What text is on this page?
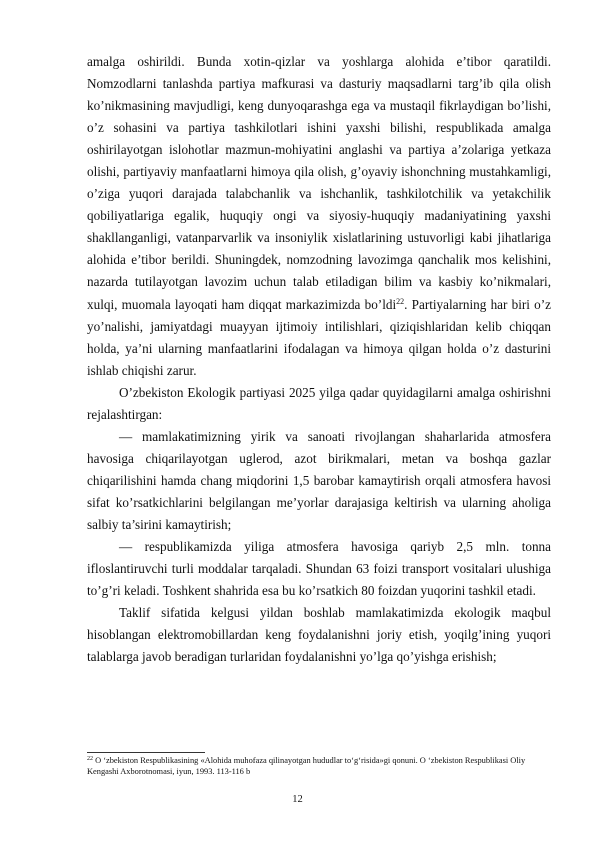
amalga oshirildi. Bunda xotin-qizlar va yoshlarga alohida e’tibor qaratildi. Nomzodlarni tanlashda partiya mafkurasi va dasturiy maqsadlarni targ’ib qila olish ko’nikmasining mavjudligi, keng dunyoqarashga ega va mustaqil fikrlaydigan bo’lishi, o’z sohasini va partiya tashkilotlari ishini yaxshi bilishi, respublikada amalga oshirilayotgan islohotlar mazmun-mohiyatini anglashi va partiya a’zolariga yetkaza olishi, partiyaviy manfaatlarni himoya qila olish, g’oyaviy ishonchning mustahkamligi, o’ziga yuqori darajada talabchanlik va ishchanlik, tashkilotchilik va yetakchilik qobiliyatlariga egalik, huquqiy ongi va siyosiy-huquqiy madaniyatining yaxshi shakllanganligi, vatanparvarlik va insoniylik xislatlarining ustuvorligi kabi jihatlariga alohida e’tibor berildi. Shuningdek, nomzodning lavozimga qanchalik mos kelishini, nazarda tutilayotgan lavozim uchun talab etiladigan bilim va kasbiy ko’nikmalari, xulqi, muomala layoqati ham diqqat markazimizda bo’ldi$^{22}$. Partiyalarning har biri o’z yo’nalishi, jamiyatdagi muayyan ijtimoiy intilishlari, qiziqishlaridan kelib chiqqan holda, ya’ni ularning manfaatlarini ifodalagan va himoya qilgan holda o’z dasturini ishlab chiqishi zarur.

O’zbekiston Ekologik partiyasi 2025 yilga qadar quyidagilarni amalga oshirishni rejalashtirgan:

— mamlakatimizning yirik va sanoati rivojlangan shaharlarida atmosfera havosiga chiqarilayotgan uglerod, azot birikmalari, metan va boshqa gazlar chiqarilishini hamda chang miqdorini 1,5 barobar kamaytirish orqali atmosfera havosi sifat ko’rsatkichlarini belgilangan me’yorlar darajasiga keltirish va ularning aholiga salbiy ta’sirini kamaytirish;

— respublikamizda yiliga atmosfera havosiga qariyb 2,5 mln. tonna ifloslantiruvchi turli moddalar tarqaladi. Shundan 63 foizi transport vositalari ulushiga to’g’ri keladi. Toshkent shahrida esa bu ko’rsatkich 80 foizdan yuqorini tashkil etadi.

Taklif sifatida kelgusi yildan boshlab mamlakatimizda ekologik maqbul hisoblangan elektromobillardan keng foydalanishni joriy etish, yoqilg’ining yuqori talablarga javob beradigan turlaridan foydalanishni yo’lga qo’yishga erishish;

$^{22}$ O ‘zbekiston Respublikasining «Alohida muhofaza qilinayotgan hududlar to‘g‘risida»gi qonuni. O ‘zbekiston Respublikasi Oliy Kengashi Axborotnomasi, iyun, 1993. 113-116 b
12
